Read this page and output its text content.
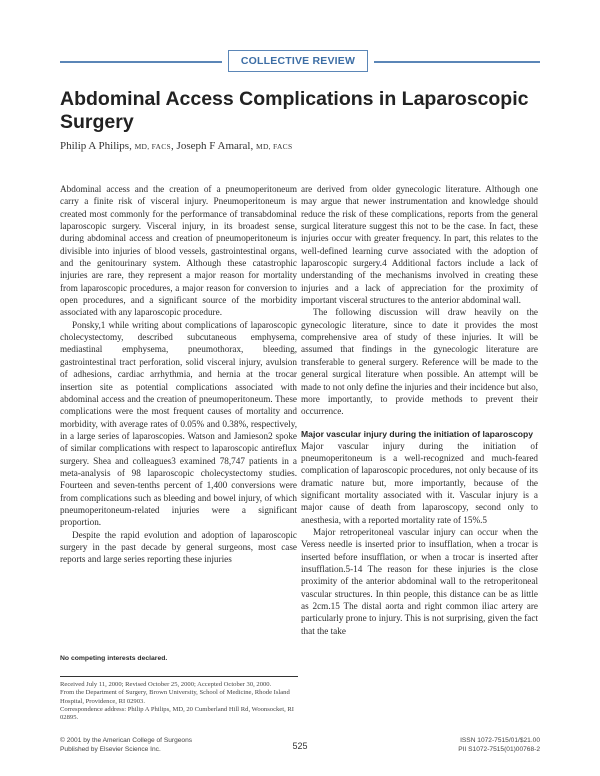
COLLECTIVE REVIEW
Abdominal Access Complications in Laparoscopic Surgery
Philip A Philips, MD, FACS, Joseph F Amaral, MD, FACS

Abdominal access and the creation of a pneumoperitoneum carry a finite risk of visceral injury. Pneumoperitoneum is created most commonly for the performance of transabdominal laparoscopic surgery. Visceral injury, in its broadest sense, during abdominal access and creation of pneumoperitoneum is divisible into injuries of blood vessels, gastrointestinal organs, and the genitourinary system. Although these catastrophic injuries are rare, they represent a major reason for mortality from laparoscopic procedures, a major reason for conversion to open procedures, and a significant source of the morbidity associated with any laparoscopic procedure.

Ponsky,1 while writing about complications of laparoscopic cholecystectomy, described subcutaneous emphysema, mediastinal emphysema, pneumothorax, bleeding, gastrointestinal tract perforation, solid visceral injury, avulsion of adhesions, cardiac arrhythmia, and hernia at the trocar insertion site as potential complications associated with abdominal access and the creation of pneumoperitoneum. These complications were the most frequent causes of mortality and morbidity, with average rates of 0.05% and 0.38%, respectively, in a large series of laparoscopies. Watson and Jamieson2 spoke of similar complications with respect to laparoscopic antireflux surgery. Shea and colleagues3 examined 78,747 patients in a meta-analysis of 98 laparoscopic cholecystectomy studies. Fourteen and seven-tenths percent of 1,400 conversions were from complications such as bleeding and bowel injury, of which pneumoperitoneum-related injuries were a significant proportion.

Despite the rapid evolution and adoption of laparoscopic surgery in the past decade by general surgeons, most case reports and large series reporting these injuries

No competing interests declared.

Received July 11, 2000; Revised October 25, 2000; Accepted October 30, 2000.

From the Department of Surgery, Brown University, School of Medicine, Rhode Island Hospital, Providence, RI 02903.

Correspondence address: Philip A Philips, MD, 20 Cumberland Hill Rd, Woonsocket, RI 02895.

are derived from older gynecologic literature. Although one may argue that newer instrumentation and knowledge should reduce the risk of these complications, reports from the general surgical literature suggest this not to be the case. In fact, these injuries occur with greater frequency. In part, this relates to the well-defined learning curve associated with the adoption of laparoscopic surgery.4 Additional factors include a lack of understanding of the mechanisms involved in creating these injuries and a lack of appreciation for the proximity of important visceral structures to the anterior abdominal wall.

The following discussion will draw heavily on the gynecologic literature, since to date it provides the most comprehensive area of study of these injuries. It will be assumed that findings in the gynecologic literature are transferable to general surgery. Reference will be made to the general surgical literature when possible. An attempt will be made to not only define the injuries and their incidence but also, more importantly, to provide methods to prevent their occurrence.

Major vascular injury during the initiation of laparoscopy

Major vascular injury during the initiation of pneumoperitoneum is a well-recognized and much-feared complication of laparoscopic procedures, not only because of its dramatic nature but, more importantly, because of the significant mortality associated with it. Vascular injury is a major cause of death from laparoscopy, second only to anesthesia, with a reported mortality rate of 15%.5

Major retroperitoneal vascular injury can occur when the Veress needle is inserted prior to insufflation, when a trocar is inserted before insufflation, or when a trocar is inserted after insufflation.5-14 The reason for these injuries is the close proximity of the anterior abdominal wall to the retroperitoneal vascular structures. In thin people, this distance can be as little as 2cm.15 The distal aorta and right common iliac artery are particularly prone to injury. This is not surprising, given the fact that the take

© 2001 by the American College of Surgeons
Published by Elsevier Science Inc.	525
ISSN 1072-7515/01/$21.00
PII S1072-7515(01)00768-2
